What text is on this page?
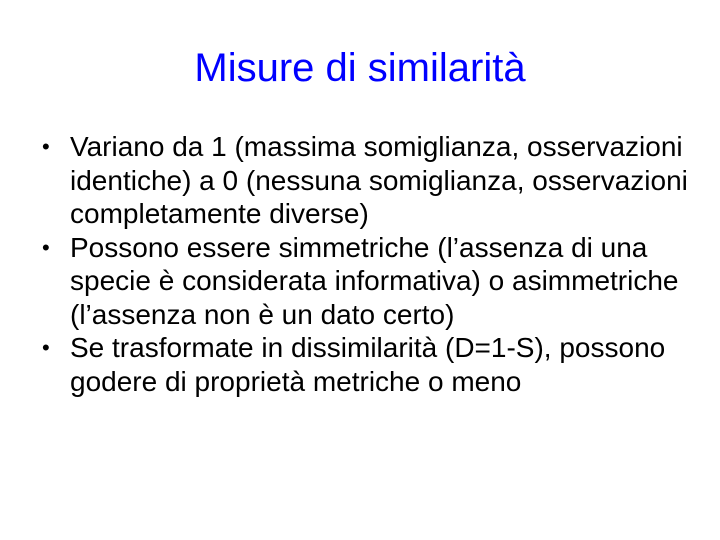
Misure di similarità
• Variano da 1 (massima somiglianza, osservazioni identiche) a 0 (nessuna somiglianza, osservazioni completamente diverse)
• Possono essere simmetriche (l’assenza di una specie è considerata informativa) o asimmetriche (l’assenza non è un dato certo)
• Se trasformate in dissimilarità (D=1-S), possono godere di proprietà metriche o meno
